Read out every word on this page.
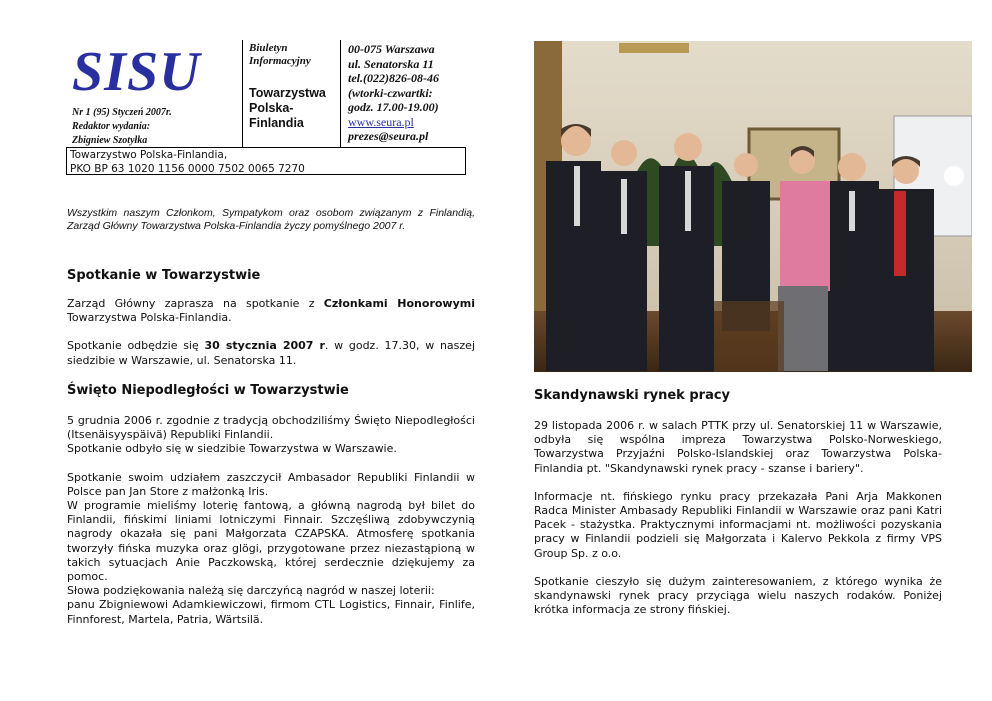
SISU
Nr 1 (95) Styczeń 2007r.
Redaktor wydania:
Zbigniew Szotyłka
Biuletyn
Informacyjny
Towarzystwa
Polska-
Finlandia
00-075 Warszawa
ul. Senatorska 11
tel.(022)826-08-46
(wtorki-czwartki:
godz. 17.00-19.00)
www.seura.pl
prezes@seura.pl
Towarzystwo Polska-Finlandia,
PKO BP 63 1020 1156 0000 7502 0065 7270
Wszystkim naszym Członkom, Sympatykom oraz osobom związanym z Finlandią, Zarząd Główny Towarzystwa Polska-Finlandia życzy pomyślnego 2007 r.
Spotkanie w Towarzystwie

Zarząd Główny zaprasza na spotkanie z Członkami Honorowymi Towarzystwa Polska-Finlandia.

Spotkanie odbędzie się 30 stycznia 2007 r. w godz. 17.30, w naszej siedzibie w Warszawie, ul. Senatorska 11.

Święto Niepodległości w Towarzystwie

5 grudnia 2006 r. zgodnie z tradycją obchodziliśmy Święto Niepodległości (Itsenäisyyspäivä) Republiki Finlandii.

Spotkanie odbyło się w siedzibie Towarzystwa w Warszawie.

Spotkanie swoim udziałem zaszczycił Ambasador Republiki Finlandii w Polsce pan Jan Store z małżonką Iris.

W programie mieliśmy loterię fantową, a główną nagrodą był bilet do Finlandii, fińskimi liniami lotniczymi Finnair. Szczęśliwą zdobywczynią nagrody okazała się pani Małgorzata CZAPSKA. Atmosferę spotkania tworzyły fińska muzyka oraz glögi, przygotowane przez niezastąpioną w takich sytuacjach Anie Paczkowską, której serdecznie dziękujemy za pomoc.

Słowa podziękowania należą się darczyńcą nagród w naszej loterii:

panu Zbigniewowi Adamkiewiczowi, firmom CTL Logistics, Finnair, Finlife, Finnforest, Martela, Patria, Wärtsilä.

Skandynawski rynek pracy

29 listopada 2006 r. w salach PTTK przy ul. Senatorskiej 11 w Warszawie, odbyła się wspólna impreza Towarzystwa Polsko-Norweskiego, Towarzystwa Przyjaźni Polsko-Islandskiej oraz Towarzystwa Polska-Finlandia pt. "Skandynawski rynek pracy - szanse i bariery".

Informacje nt. fińskiego rynku pracy przekazała Pani Arja Makkonen Radca Minister Ambasady Republiki Finlandii w Warszawie oraz pani Katri Pacek - stażystka. Praktycznymi informacjami nt. możliwości pozyskania pracy w Finlandii podzieli się Małgorzata i Kalervo Pekkola z firmy VPS Group Sp. z o.o.

Spotkanie cieszyło się dużym zainteresowaniem, z którego wynika że skandynawski rynek pracy przyciąga wielu naszych rodaków. Poniżej krótka informacja ze strony fińskiej.
